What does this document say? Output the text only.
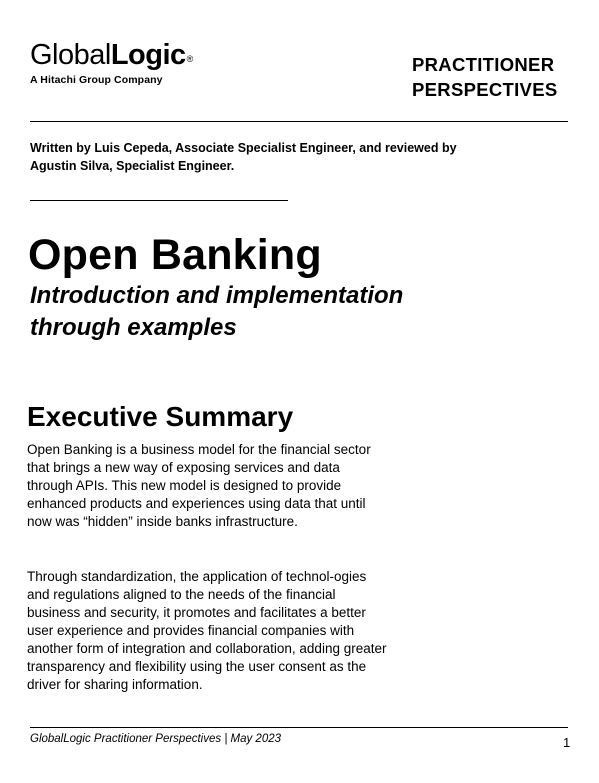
GlobalLogic®
A Hitachi Group Company
PRACTITIONER
PERSPECTIVES
Written by Luis Cepeda, Associate Specialist Engineer, and reviewed by Agustin Silva, Specialist Engineer.
Open Banking
Introduction and implementation through examples
Executive Summary
Open Banking is a business model for the financial sector that brings a new way of exposing services and data through APIs. This new model is designed to provide enhanced products and experiences using data that until now was “hidden” inside banks infrastructure.
Through standardization, the application of technol-ogies and regulations aligned to the needs of the financial business and security, it promotes and facilitates a better user experience and provides financial companies with another form of integration and collaboration, adding greater transparency and flexibility using the user consent as the driver for sharing information.
GlobalLogic Practitioner Perspectives | May 2023	1
